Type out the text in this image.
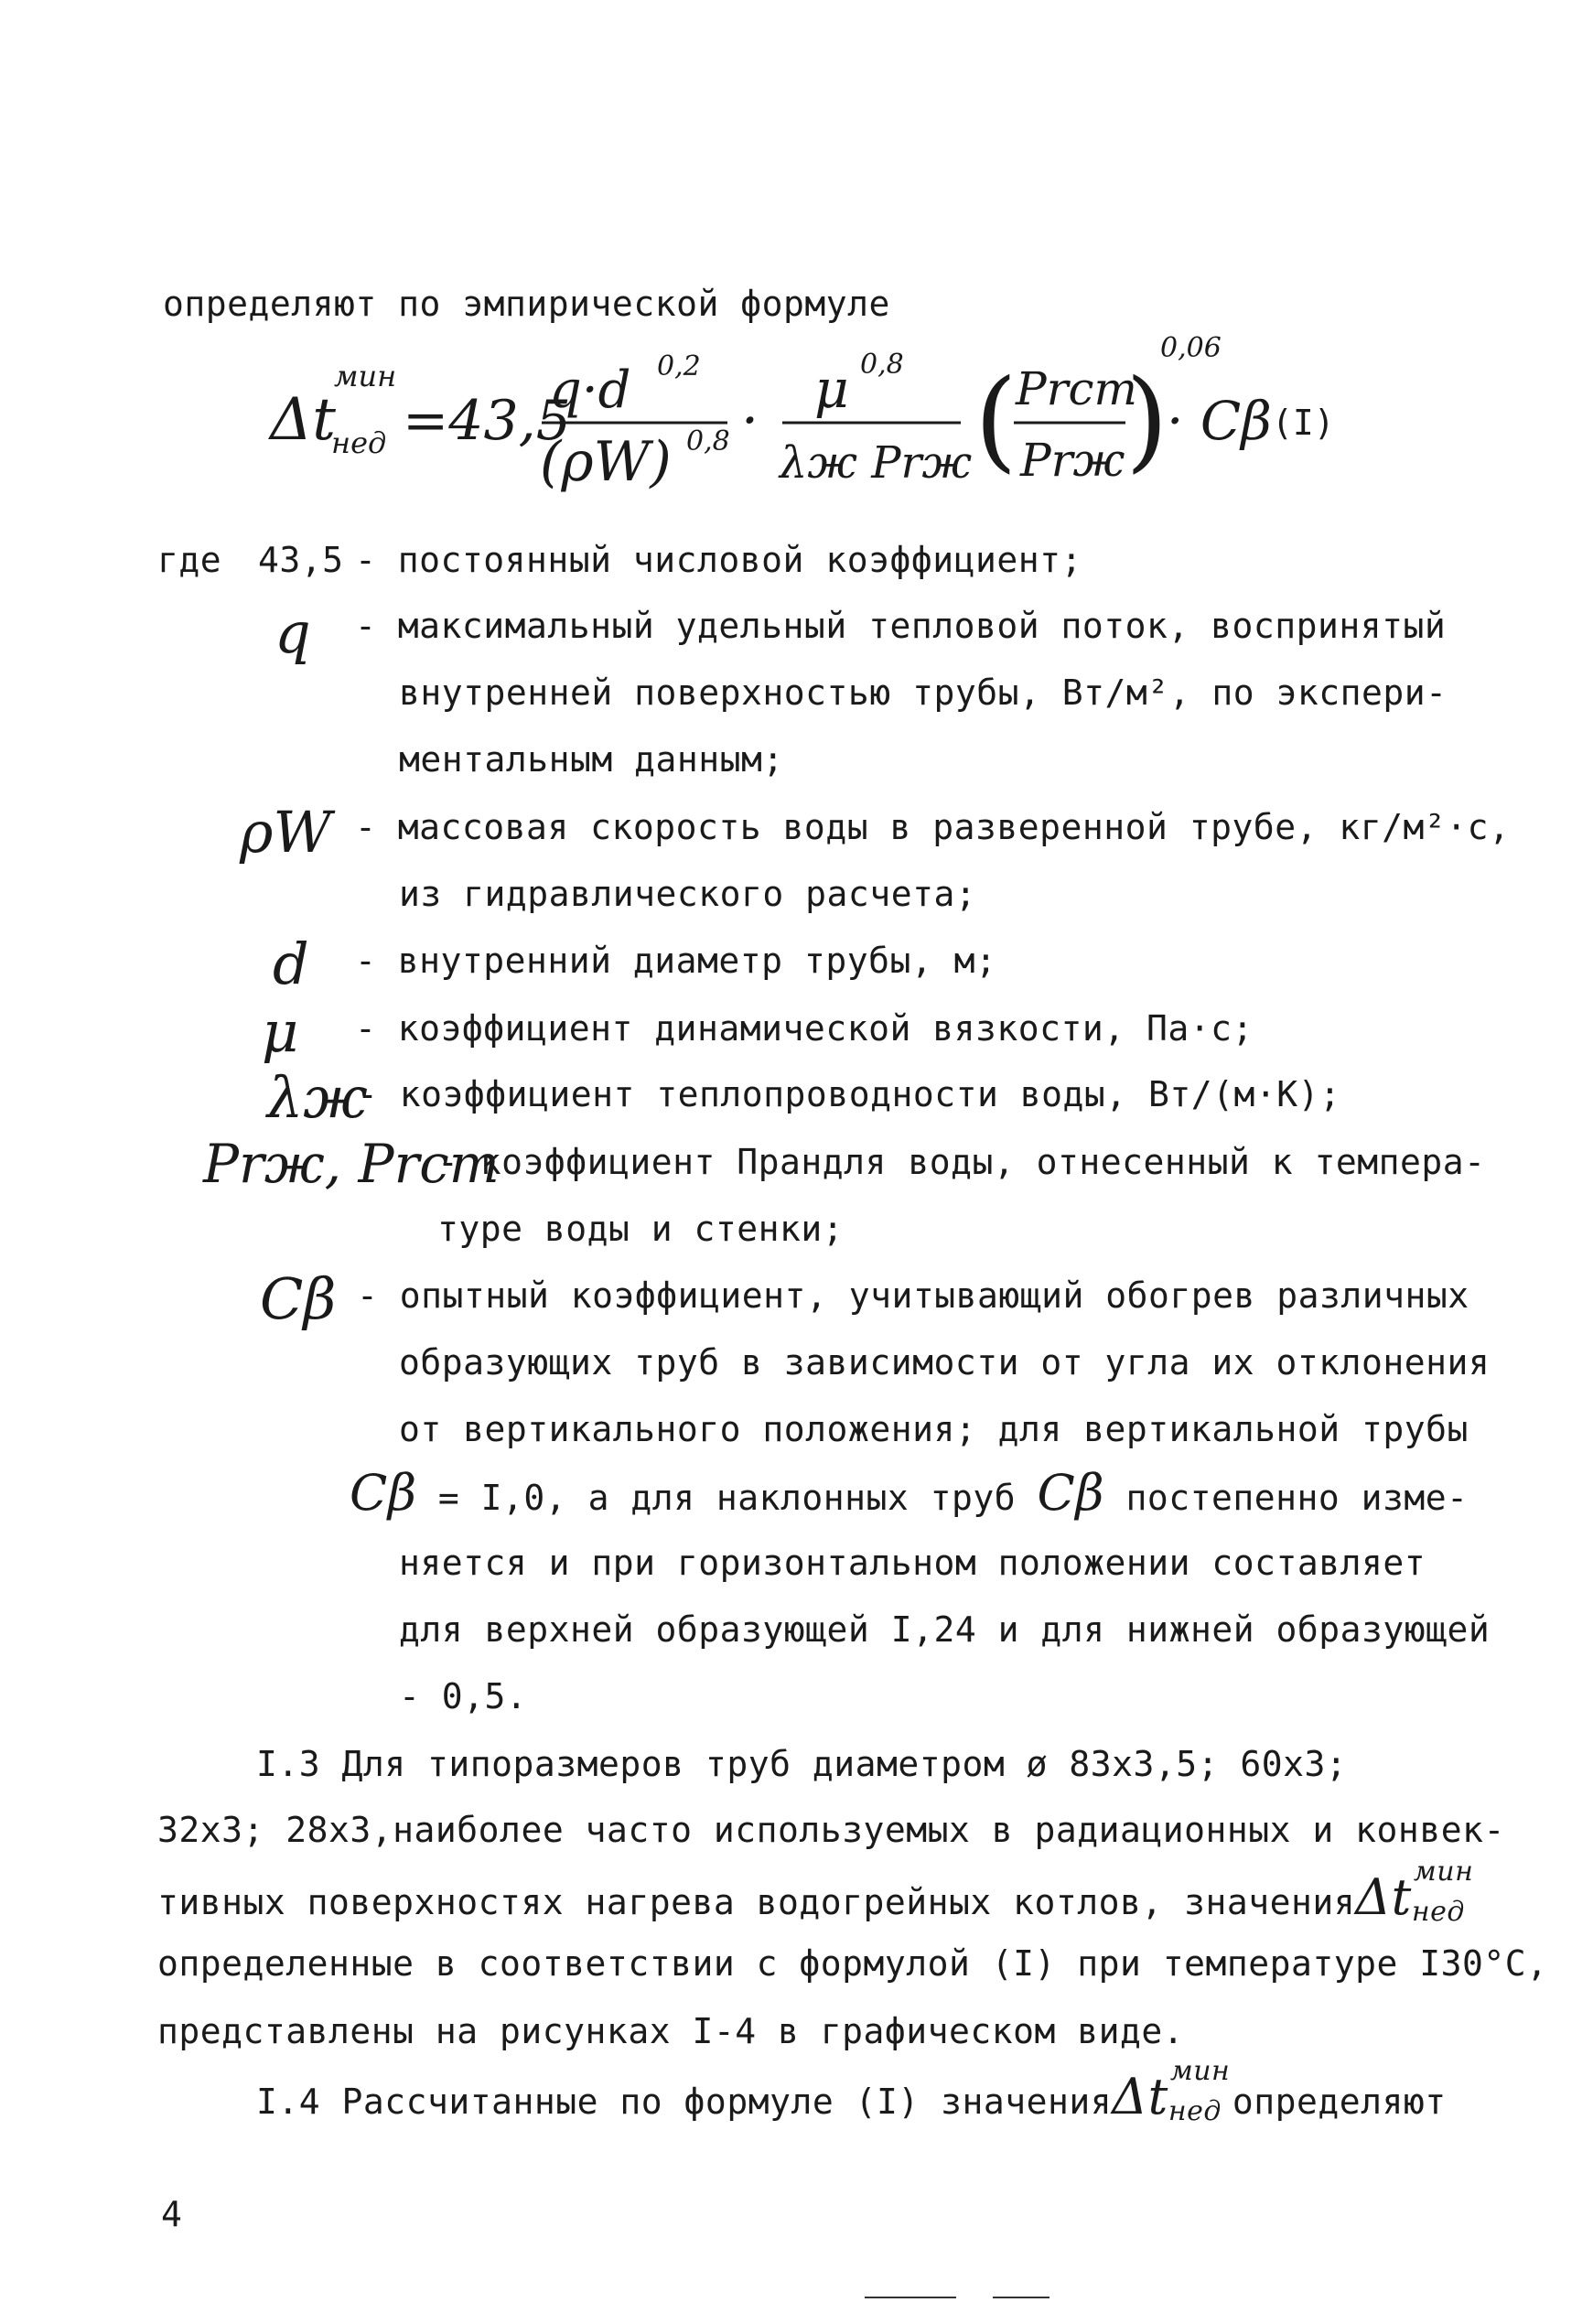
определяют по эмпирической формуле
Δt
мин
нед =43,5
q·d 0,2
(ρW) 0,8 · μ 0,8
λж Prж (
Prст
Prж )
0,06
· Cβ (I)
где 43,5 - постоянный числовой коэффициент;
q - максимальный удельный тепловой поток, воспринятый
внутренней поверхностью трубы, Вт/м², по экспери-
ментальным данным;
ρW - массовая скорость воды в разверенной трубе, кг/м²·с,
из гидравлического расчета;
d - внутренний диаметр трубы, м;
μ - коэффициент динамической вязкости, Па·с;
λж
- коэффициент теплопроводности воды, Вт/(м·К);
Prж, Prст
- коэффициент Прандля воды, отнесенный к темпера-
туре воды и стенки;
Cβ - опытный коэффициент, учитывающий обогрев различных
образующих труб в зависимости от угла их отклонения
от вертикального положения; для вертикальной трубы
Cβ = I,0, а для наклонных труб Cβ постепенно изме-
няется и при горизонтальном положении составляет
для верхней образующей I,24 и для нижней образующей
- 0,5.
I.3 Для типоразмеров труб диаметром ø 83х3,5; 60х3;
32х3; 28х3,наиболее часто используемых в радиационных и конвек-
тивных поверхностях нагрева водогрейных котлов, значенияΔt мин
нед
определенные в соответствии с формулой (I) при температуре I30°С,
представлены на рисунках I-4 в графическом виде.
I.4 Рассчитанные по формуле (I) значенияΔt мин
нед определяют
4
